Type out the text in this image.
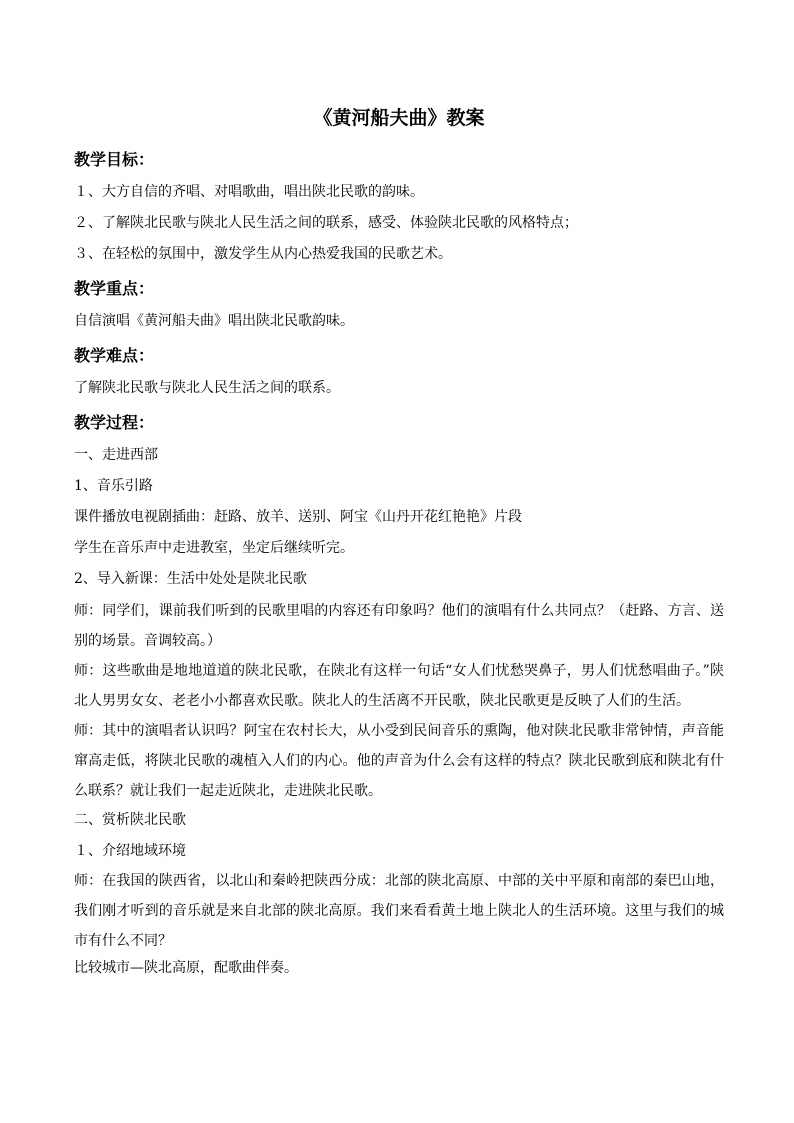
《黄河船夫曲》教案
教学目标：

１、大方自信的齐唱、对唱歌曲，唱出陕北民歌的韵味。

２、了解陕北民歌与陕北人民生活之间的联系，感受、体验陕北民歌的风格特点；

３、在轻松的氛围中，激发学生从内心热爱我国的民歌艺术。

教学重点：

自信演唱《黄河船夫曲》唱出陕北民歌韵味。

教学难点：

了解陕北民歌与陕北人民生活之间的联系。

教学过程：

一、走进西部

1、音乐引路

课件播放电视剧插曲：赶路、放羊、送别、阿宝《山丹开花红艳艳》片段

学生在音乐声中走进教室，坐定后继续听完。

2、导入新课：生活中处处是陕北民歌

师：同学们，课前我们听到的民歌里唱的内容还有印象吗？他们的演唱有什么共同点？（赶路、方言、送别的场景。音调较高。）

师：这些歌曲是地地道道的陕北民歌，在陕北有这样一句话“女人们忧愁哭鼻子，男人们忧愁唱曲子。”陕北人男男女女、老老小小都喜欢民歌。陕北人的生活离不开民歌，陕北民歌更是反映了人们的生活。

师：其中的演唱者认识吗？阿宝在农村长大，从小受到民间音乐的熏陶，他对陕北民歌非常钟情，声音能窜高走低，将陕北民歌的魂植入人们的内心。他的声音为什么会有这样的特点？陕北民歌到底和陕北有什么联系？就让我们一起走近陕北，走进陕北民歌。

二、赏析陕北民歌

１、介绍地域环境

师：在我国的陕西省，以北山和秦岭把陕西分成：北部的陕北高原、中部的关中平原和南部的秦巴山地，我们刚才听到的音乐就是来自北部的陕北高原。我们来看看黄土地上陕北人的生活环境。这里与我们的城市有什么不同？

比较城市—陕北高原，配歌曲伴奏。
